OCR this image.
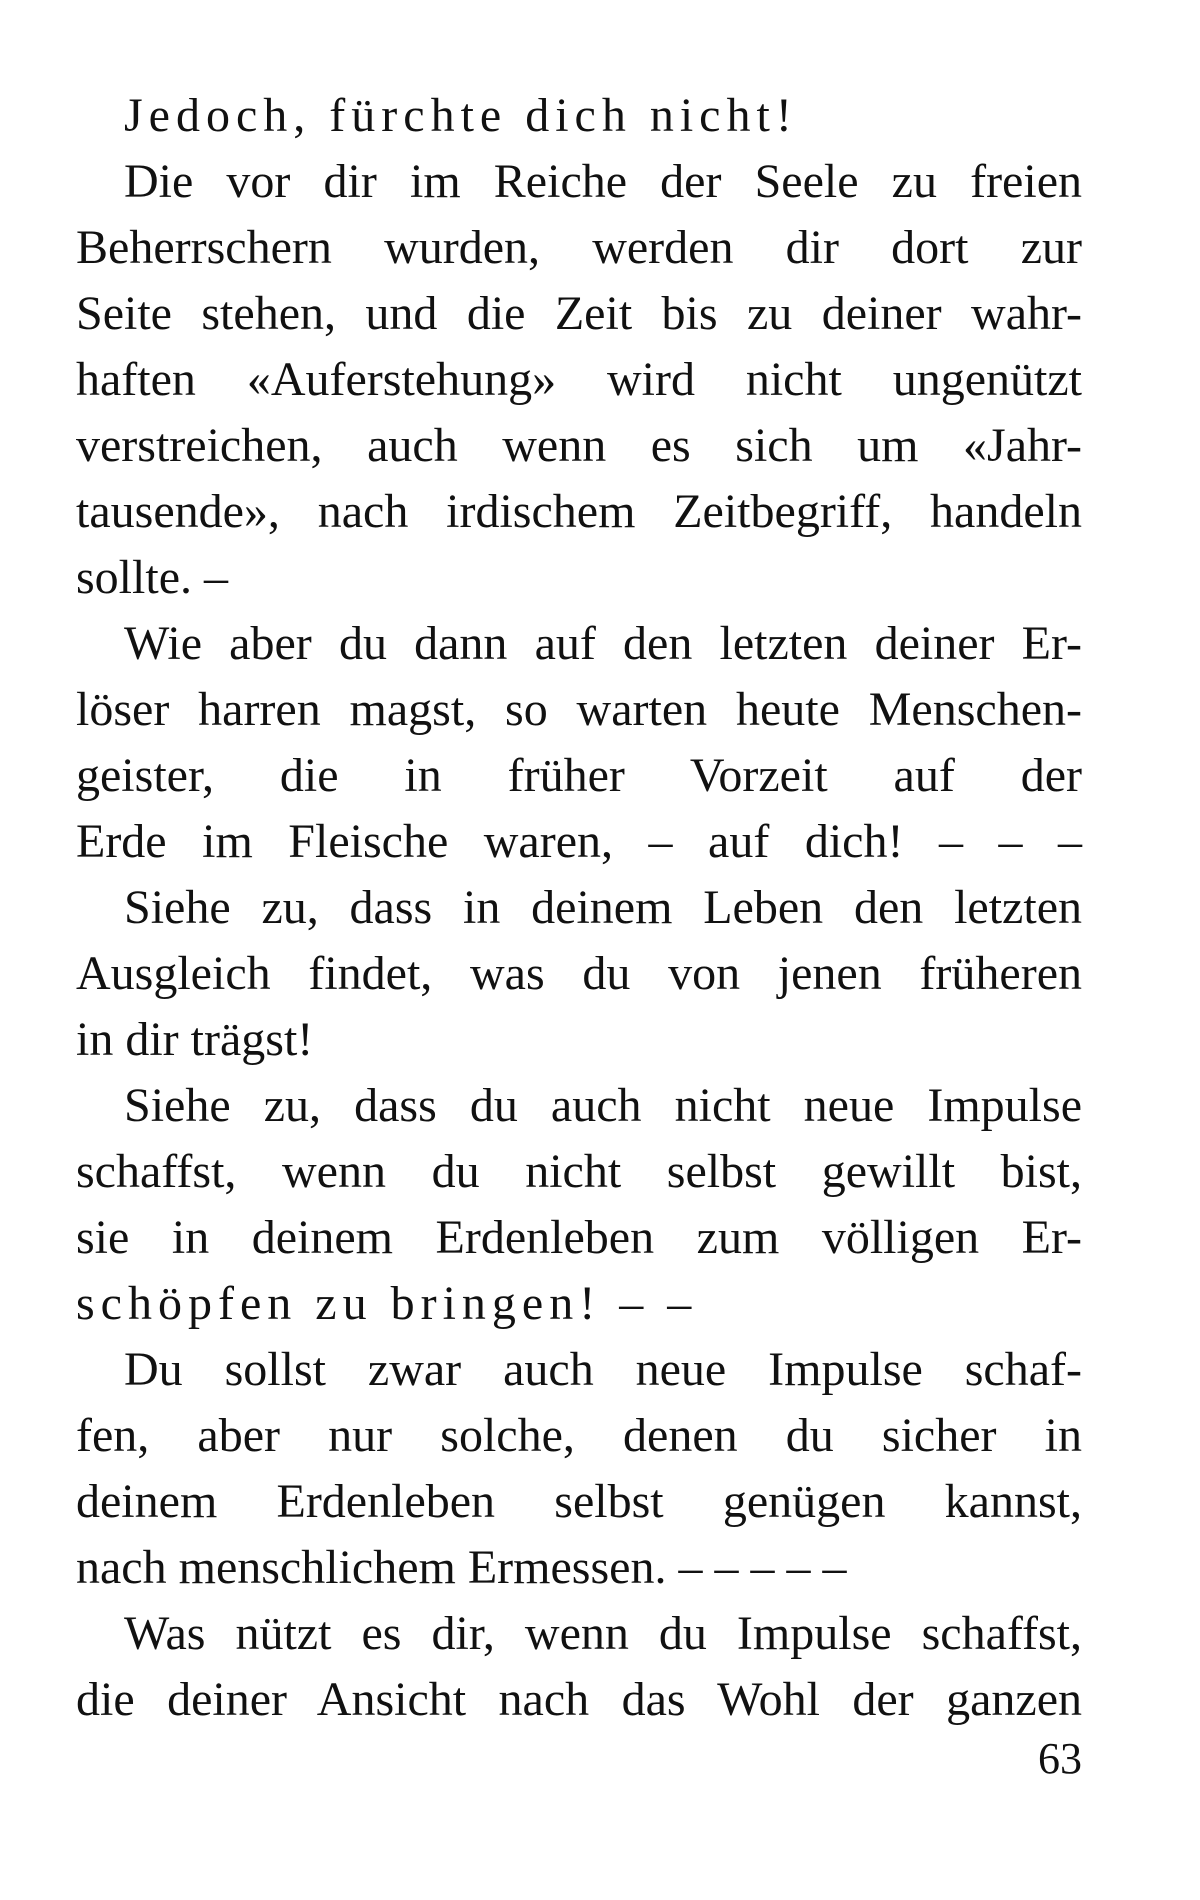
Jedoch, fürchte dich nicht!
Die vor dir im Reiche der Seele zu freien
Beherrschern wurden, werden dir dort zur
Seite stehen, und die Zeit bis zu deiner wahr-
haften «Auferstehung» wird nicht ungenützt
verstreichen, auch wenn es sich um «Jahr-
tausende», nach irdischem Zeitbegriff, handeln
sollte. –
Wie aber du dann auf den letzten deiner Er-
löser harren magst, so warten heute Menschen-
geister, die in früher Vorzeit auf der
Erde im Fleische waren, – auf dich! – – –
Siehe zu, dass in deinem Leben den letzten
Ausgleich findet, was du von jenen früheren
in dir trägst!
Siehe zu, dass du auch nicht neue Impulse
schaffst, wenn du nicht selbst gewillt bist,
sie in deinem Erdenleben zum völligen Er-
schöpfen zu bringen! – –
Du sollst zwar auch neue Impulse schaf-
fen, aber nur solche, denen du sicher in
deinem Erdenleben selbst genügen kannst,
nach menschlichem Ermessen. – – – – –
Was nützt es dir, wenn du Impulse schaffst,
die deiner Ansicht nach das Wohl der ganzen
63
